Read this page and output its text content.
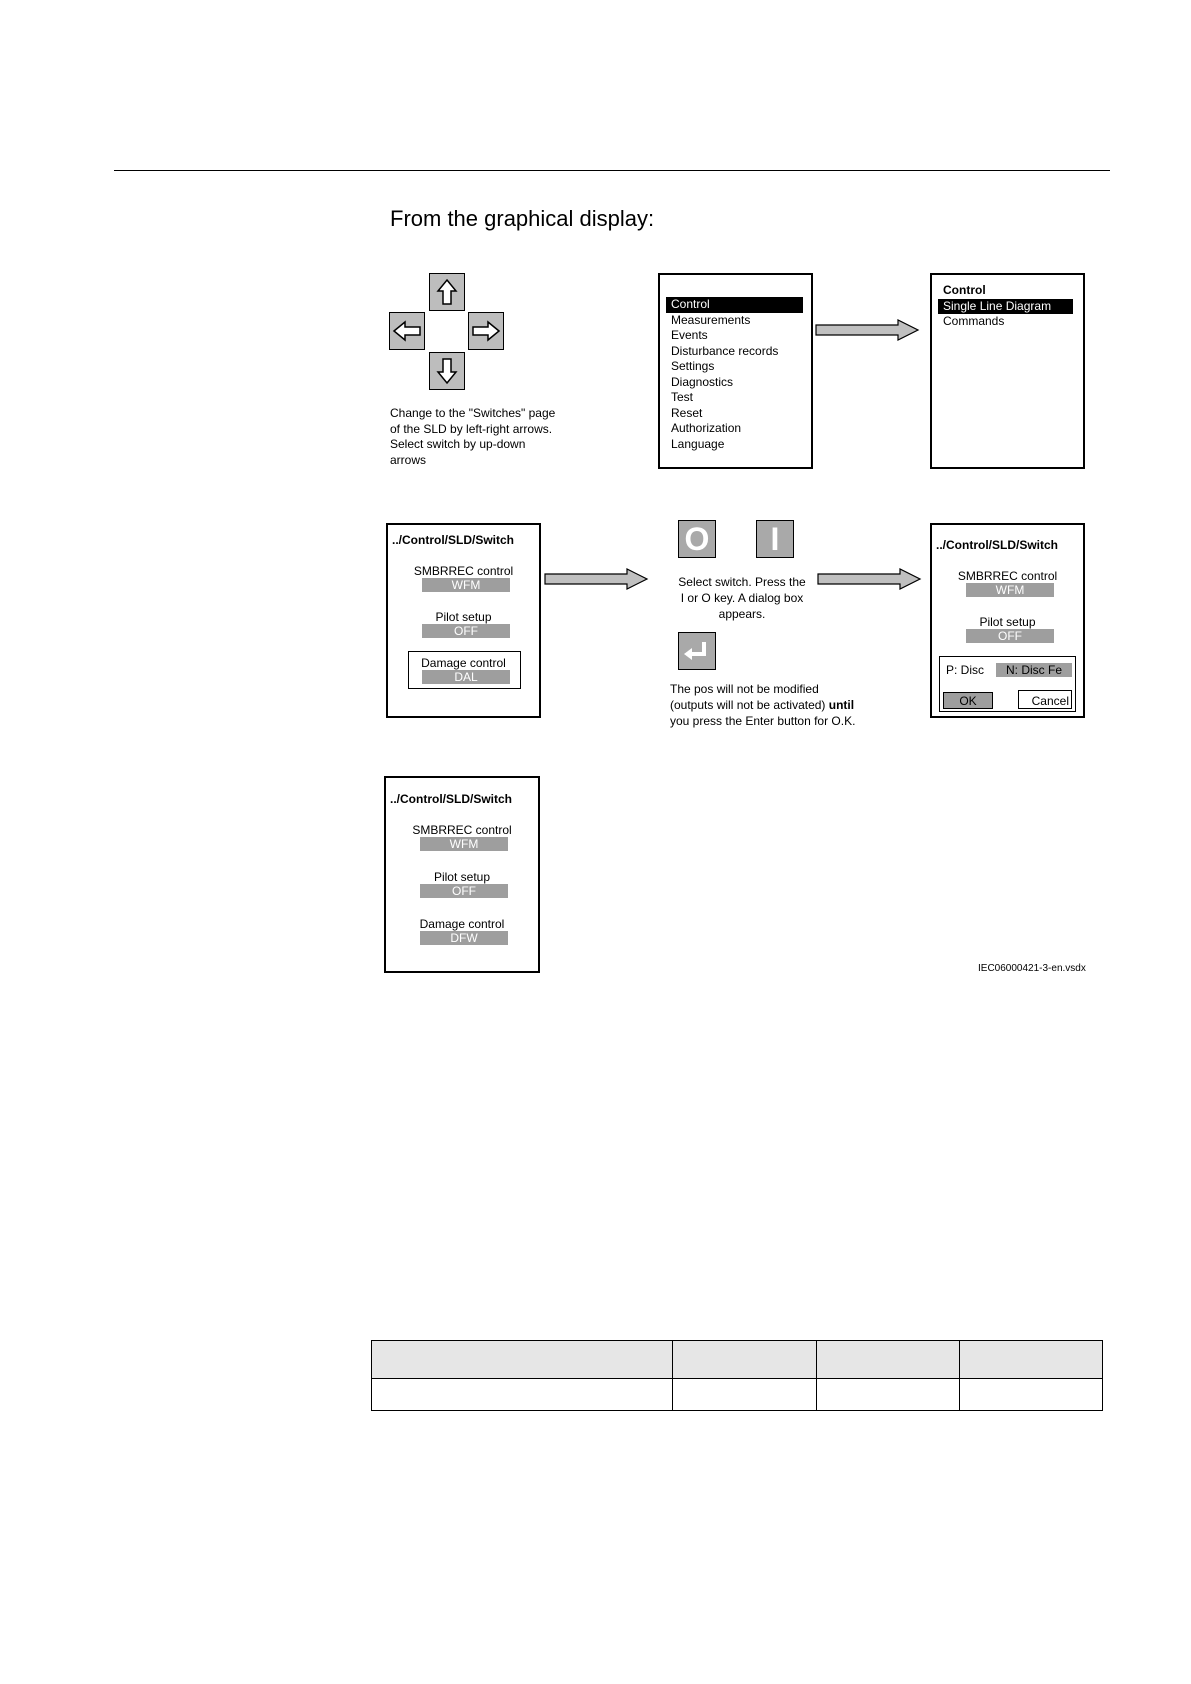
From the graphical display:
Change to the "Switches" page
of the SLD by left-right arrows.
Select switch by up-down
arrows
Control
Measurements
Events
Disturbance records
Settings
Diagnostics
Test
Reset
Authorization
Language
Control
Single Line Diagram
Commands
../Control/SLD/Switch
SMBRREC control
WFM
Pilot setup
OFF
Damage control
DAL
O	I
Select switch. Press the
I or O key. A dialog box
appears.
The pos will not be modified
(outputs will not be activated) until
you press the Enter button for O.K.
../Control/SLD/Switch
SMBRREC control
WFM
Pilot setup
OFF
P: Disc	N: Disc Fe
OK	Cancel
../Control/SLD/Switch
SMBRREC control
WFM
Pilot setup
OFF
Damage control
DFW
IEC06000421-3-en.vsdx
